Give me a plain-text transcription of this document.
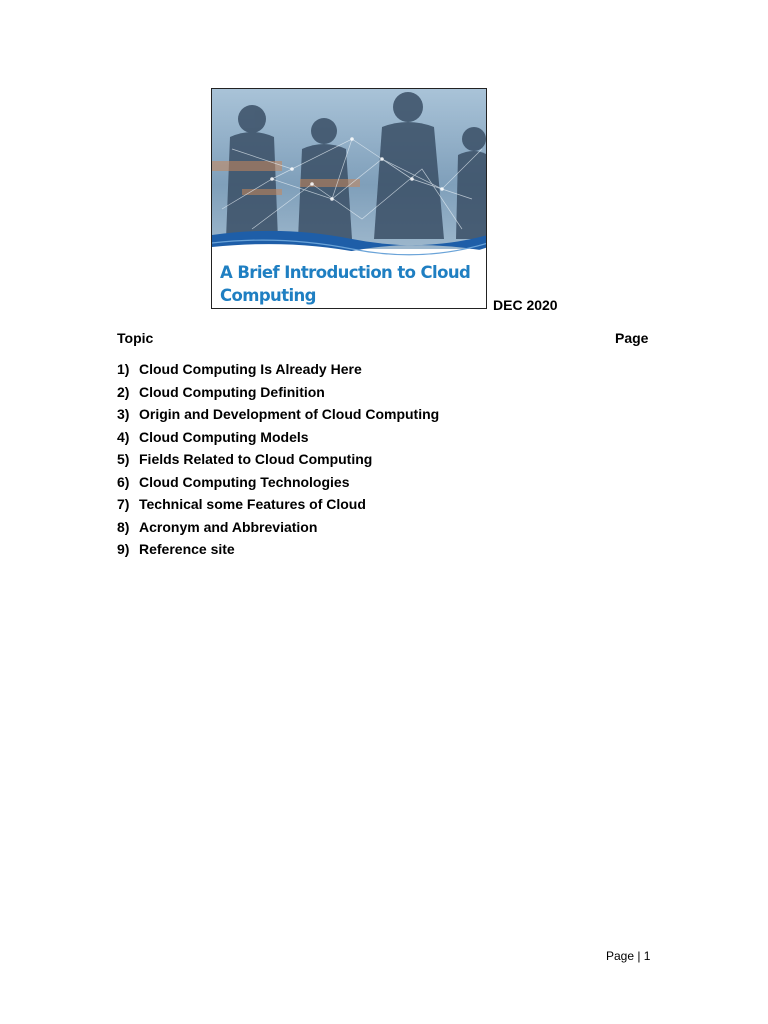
A Brief Introduction to Cloud Computing	DEC 2020
Topic	Page
1) Cloud Computing Is Already Here
2) Cloud Computing Definition
3) Origin and Development of Cloud Computing
4) Cloud Computing Models
5) Fields Related to Cloud Computing
6) Cloud Computing Technologies
7) Technical some Features of Cloud
8) Acronym and Abbreviation
9) Reference site
Page | 1
